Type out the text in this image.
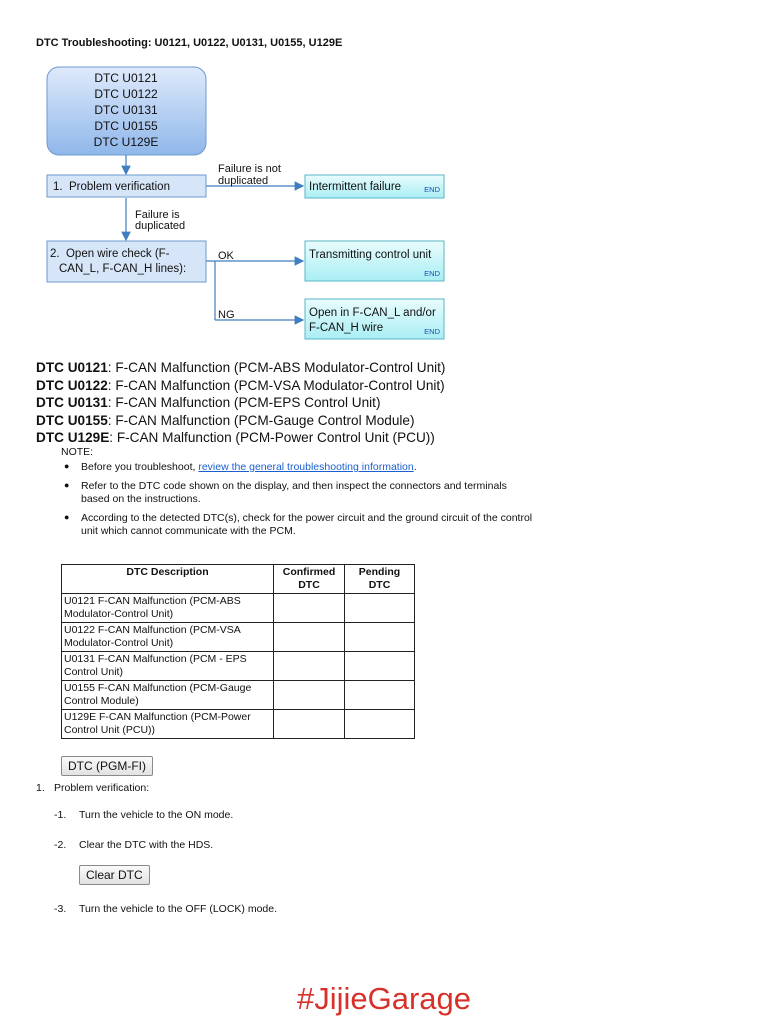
DTC Troubleshooting: U0121, U0122, U0131, U0155, U129E
DTC U0121
DTC U0122
DTC U0131
DTC U0155
DTC U129E
1.  Problem verification
Failure is not
duplicated
Failure is
duplicated
OK
NG
2.  Open wire check (F-
CAN_L, F-CAN_H lines):
Intermittent failure	END
Transmitting control unit
END
Open in F-CAN_L and/or
F-CAN_H wire	END
DTC U0121: F-CAN Malfunction (PCM-ABS Modulator-Control Unit)
DTC U0122: F-CAN Malfunction (PCM-VSA Modulator-Control Unit)
DTC U0131: F-CAN Malfunction (PCM-EPS Control Unit)
DTC U0155: F-CAN Malfunction (PCM-Gauge Control Module)
DTC U129E: F-CAN Malfunction (PCM-Power Control Unit (PCU))
NOTE:
● Before you troubleshoot, review the general troubleshooting information.
● Refer to the DTC code shown on the display, and then inspect the connectors and terminals based on the instructions.
● According to the detected DTC(s), check for the power circuit and the ground circuit of the control unit which cannot communicate with the PCM.
DTC Description	Confirmed DTC	Pending DTC
U0121 F-CAN Malfunction (PCM-ABS Modulator-Control Unit)		
U0122 F-CAN Malfunction (PCM-VSA Modulator-Control Unit)		
U0131 F-CAN Malfunction (PCM - EPS Control Unit)		
U0155 F-CAN Malfunction (PCM-Gauge Control Module)		
U129E F-CAN Malfunction (PCM-Power Control Unit (PCU))		
DTC (PGM-FI)
1. Problem verification:
-1. Turn the vehicle to the ON mode.
-2. Clear the DTC with the HDS.
Clear DTC
-3. Turn the vehicle to the OFF (LOCK) mode.
#JijieGarage
